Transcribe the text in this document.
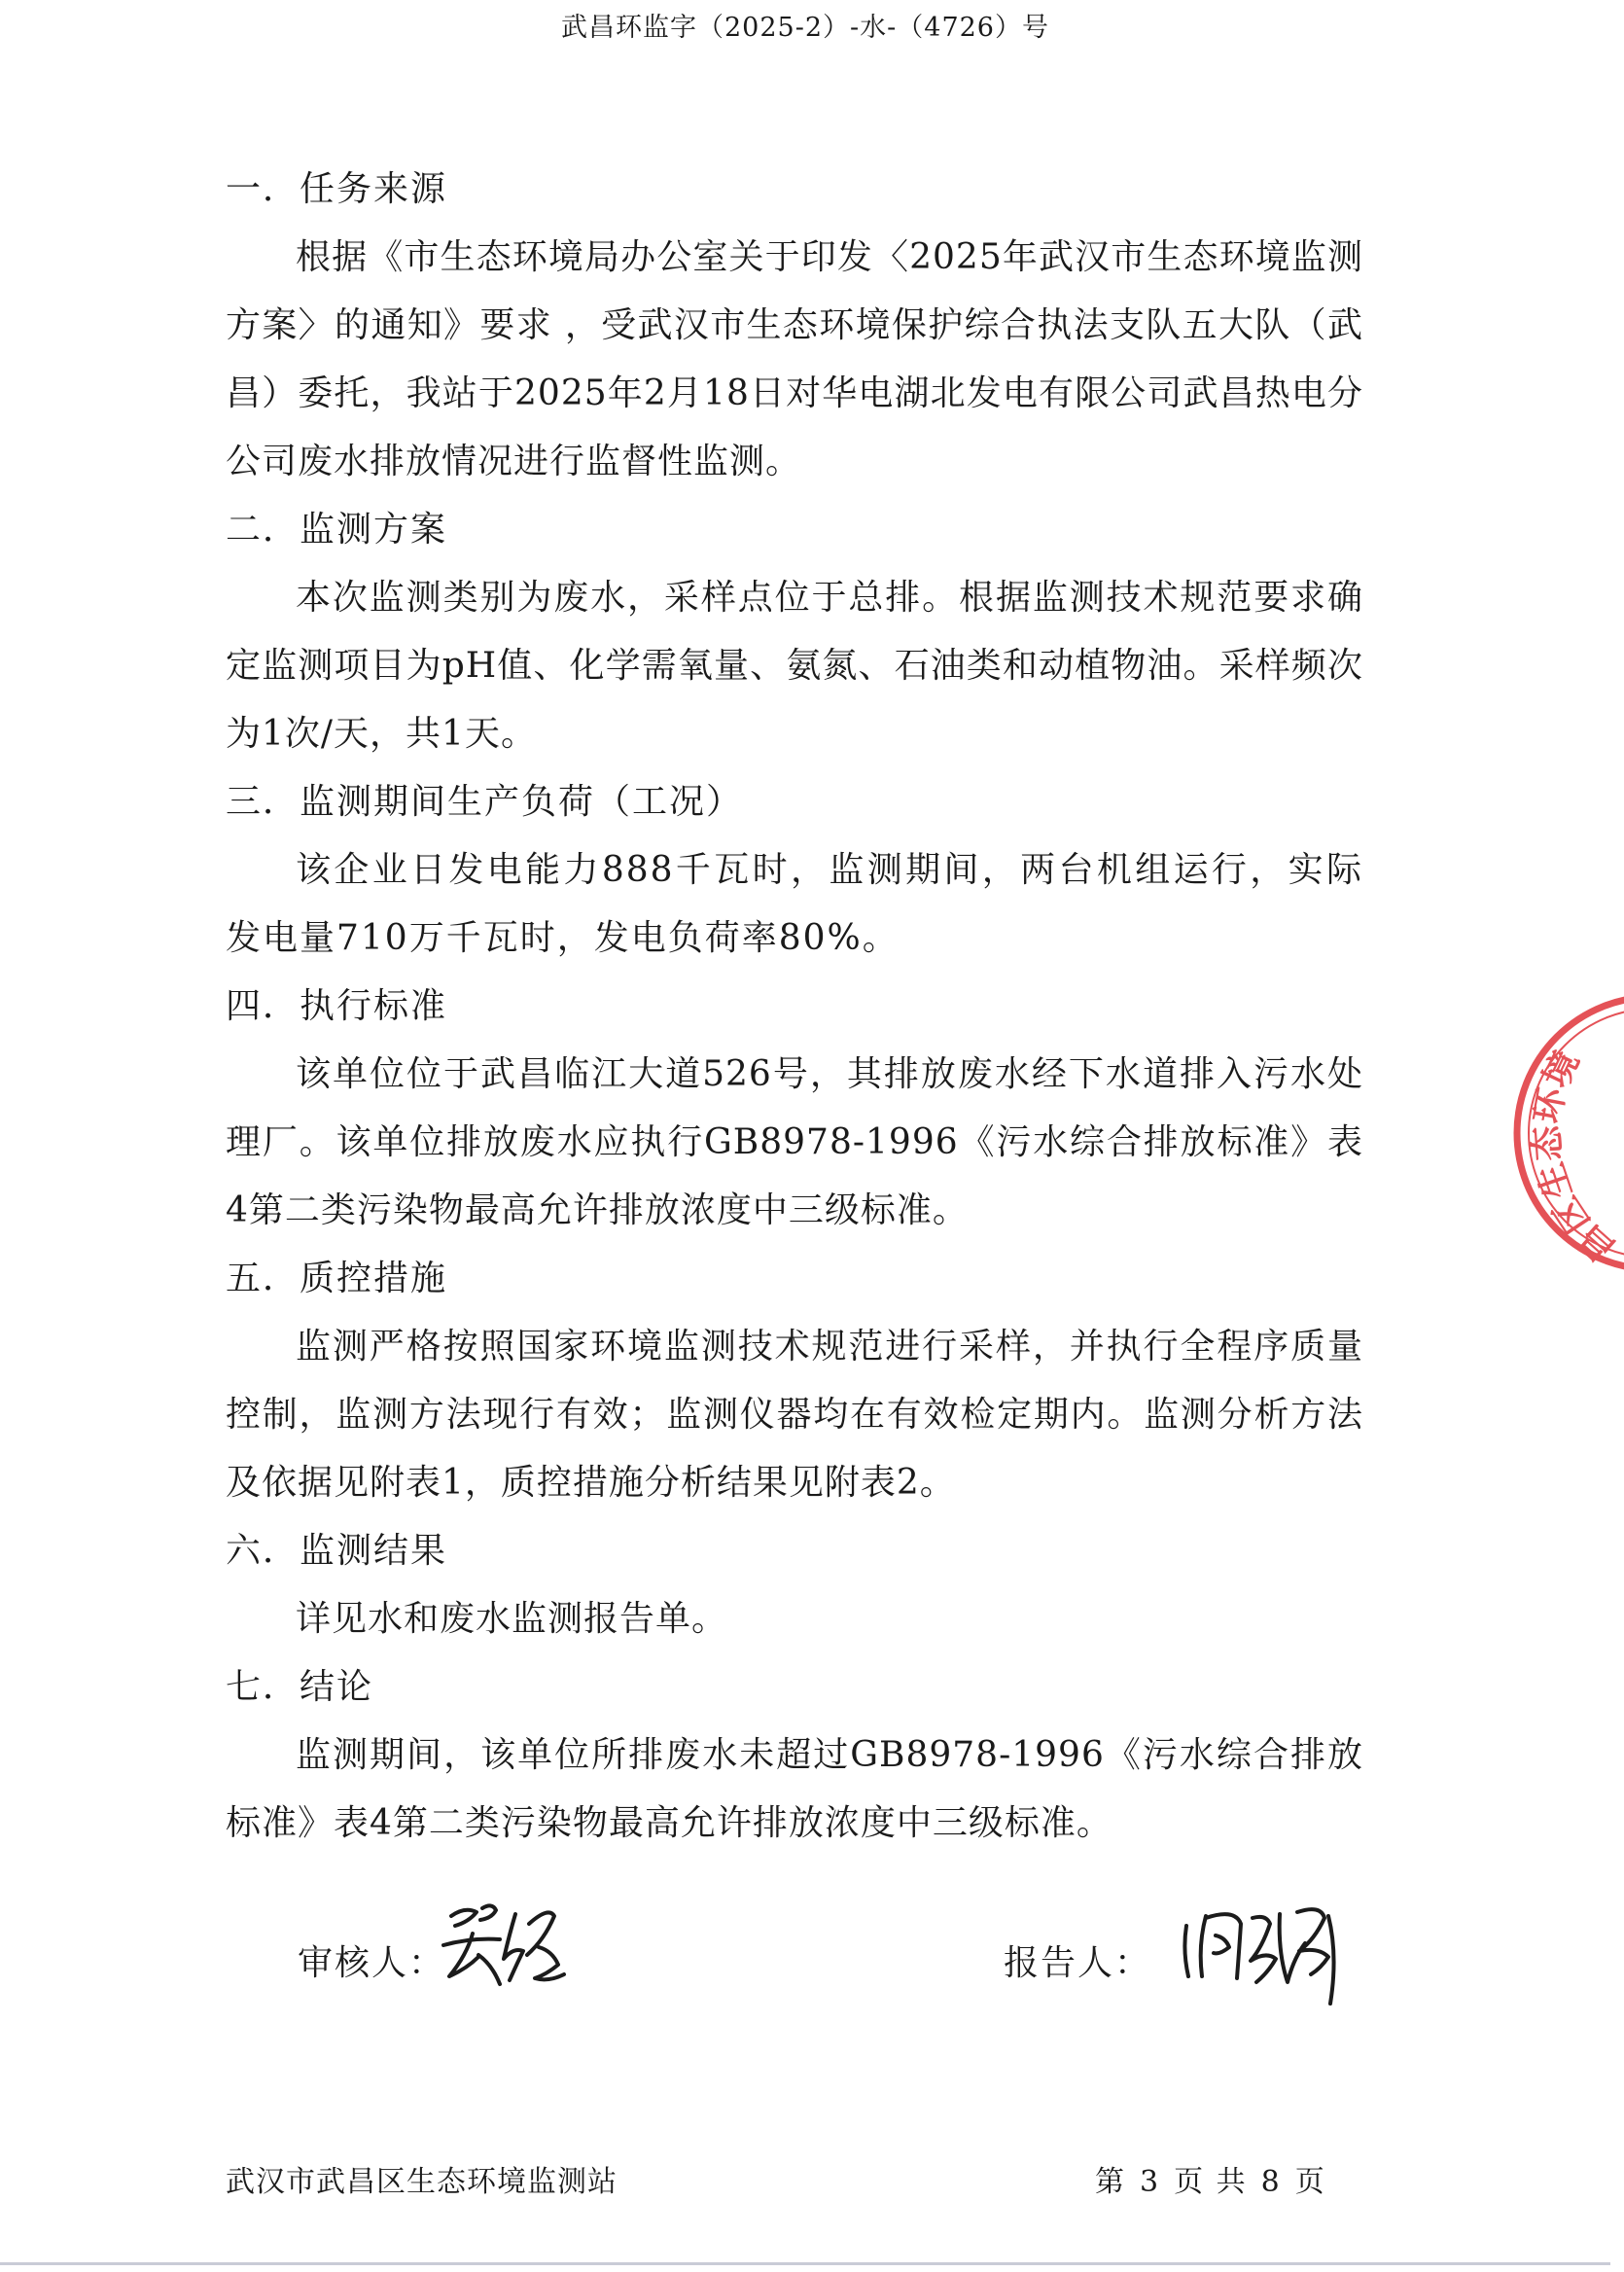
武昌环监字（2025-2）-水-（4726）号
一．任务来源
根据《市生态环境局办公室关于印发〈2025年武汉市生态环境监测方案〉的通知》要求 ，受武汉市生态环境保护综合执法支队五大队（武昌）委托，我站于2025年2月18日对华电湖北发电有限公司武昌热电分公司废水排放情况进行监督性监测。
二．监测方案
本次监测类别为废水，采样点位于总排。根据监测技术规范要求确定监测项目为pH值、化学需氧量、氨氮、石油类和动植物油。采样频次为1次/天，共1天。
三．监测期间生产负荷（工况）
该企业日发电能力888千瓦时，监测期间，两台机组运行，实际发电量710万千瓦时，发电负荷率80%。
四．执行标准
该单位位于武昌临江大道526号，其排放废水经下水道排入污水处理厂。该单位排放废水应执行GB8978-1996《污水综合排放标准》表4第二类污染物最高允许排放浓度中三级标准。
五．质控措施
监测严格按照国家环境监测技术规范进行采样，并执行全程序质量控制，监测方法现行有效；监测仪器均在有效检定期内。监测分析方法及依据见附表1，质控措施分析结果见附表2。
六．监测结果
详见水和废水监测报告单。
七．结论
监测期间，该单位所排废水未超过GB8978-1996《污水综合排放标准》表4第二类污染物最高允许排放浓度中三级标准。
审核人：	报告人：
昌区生态环境
武汉市武昌区生态环境监测站	第 3 页 共 8 页
